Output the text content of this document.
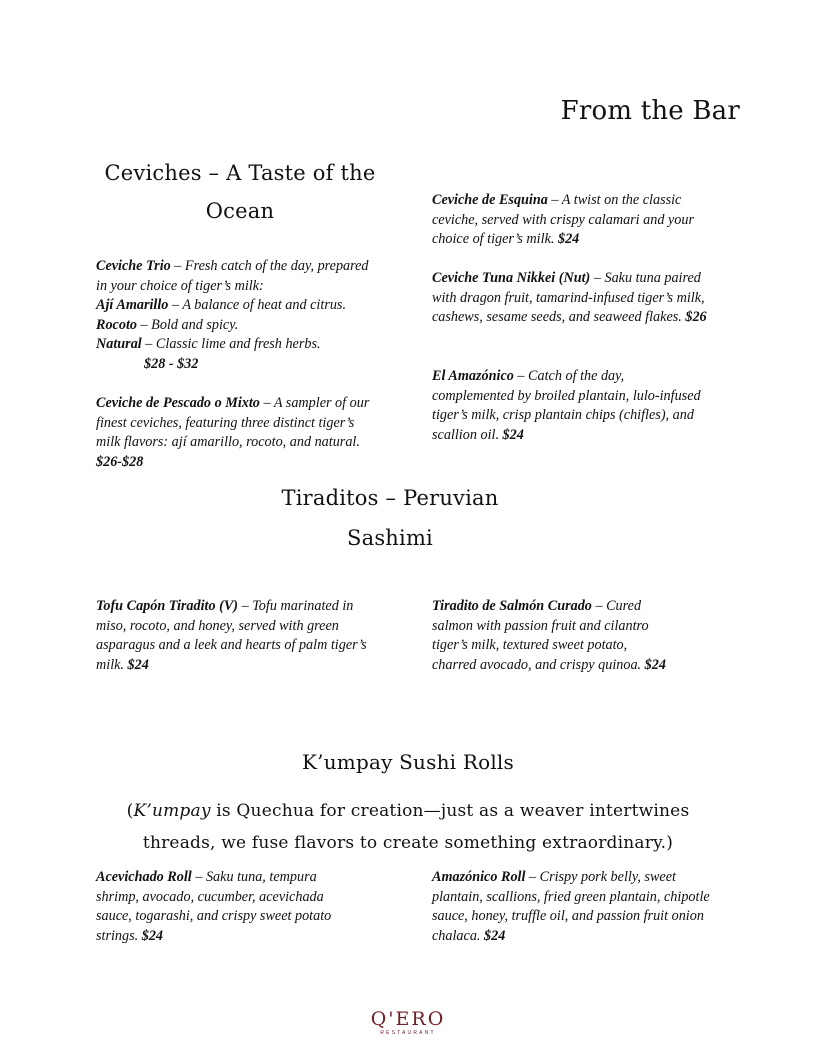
From the Bar
Ceviches – A Taste of the
Ocean

Ceviche Trio – Fresh catch of the day, prepared in your choice of tiger’s milk:

Ají Amarillo – A balance of heat and citrus.

Rocoto – Bold and spicy.

Natural – Classic lime and fresh herbs.

$28 - $32

Ceviche de Pescado o Mixto – A sampler of our finest ceviches, featuring three distinct tiger’s milk flavors: ají amarillo, rocoto, and natural. $26-$28

Ceviche de Esquina – A twist on the classic ceviche, served with crispy calamari and your choice of tiger’s milk. $24

Ceviche Tuna Nikkei (Nut) – Saku tuna paired with dragon fruit, tamarind-infused tiger’s milk, cashews, sesame seeds, and seaweed flakes. $26

El Amazónico – Catch of the day, complemented by broiled plantain, lulo-infused tiger’s milk, crisp plantain chips (chifles), and scallion oil. $24

Tiraditos – Peruvian
Sashimi

Tofu Capón Tiradito (V) – Tofu marinated in miso, rocoto, and honey, served with green asparagus and a leek and hearts of palm tiger’s milk. $24

Tiradito de Salmón Curado – Cured salmon with passion fruit and cilantro tiger’s milk, textured sweet potato, charred avocado, and crispy quinoa. $24

K’umpay Sushi Rolls
(K’umpay is Quechua for creation—just as a weaver intertwines threads, we fuse flavors to create something extraordinary.)

Acevichado Roll – Saku tuna, tempura shrimp, avocado, cucumber, acevichada sauce, togarashi, and crispy sweet potato strings. $24

Amazónico Roll – Crispy pork belly, sweet plantain, scallions, fried green plantain, chipotle sauce, honey, truffle oil, and passion fruit onion chalaca. $24

Q'ERO
RESTAURANT
